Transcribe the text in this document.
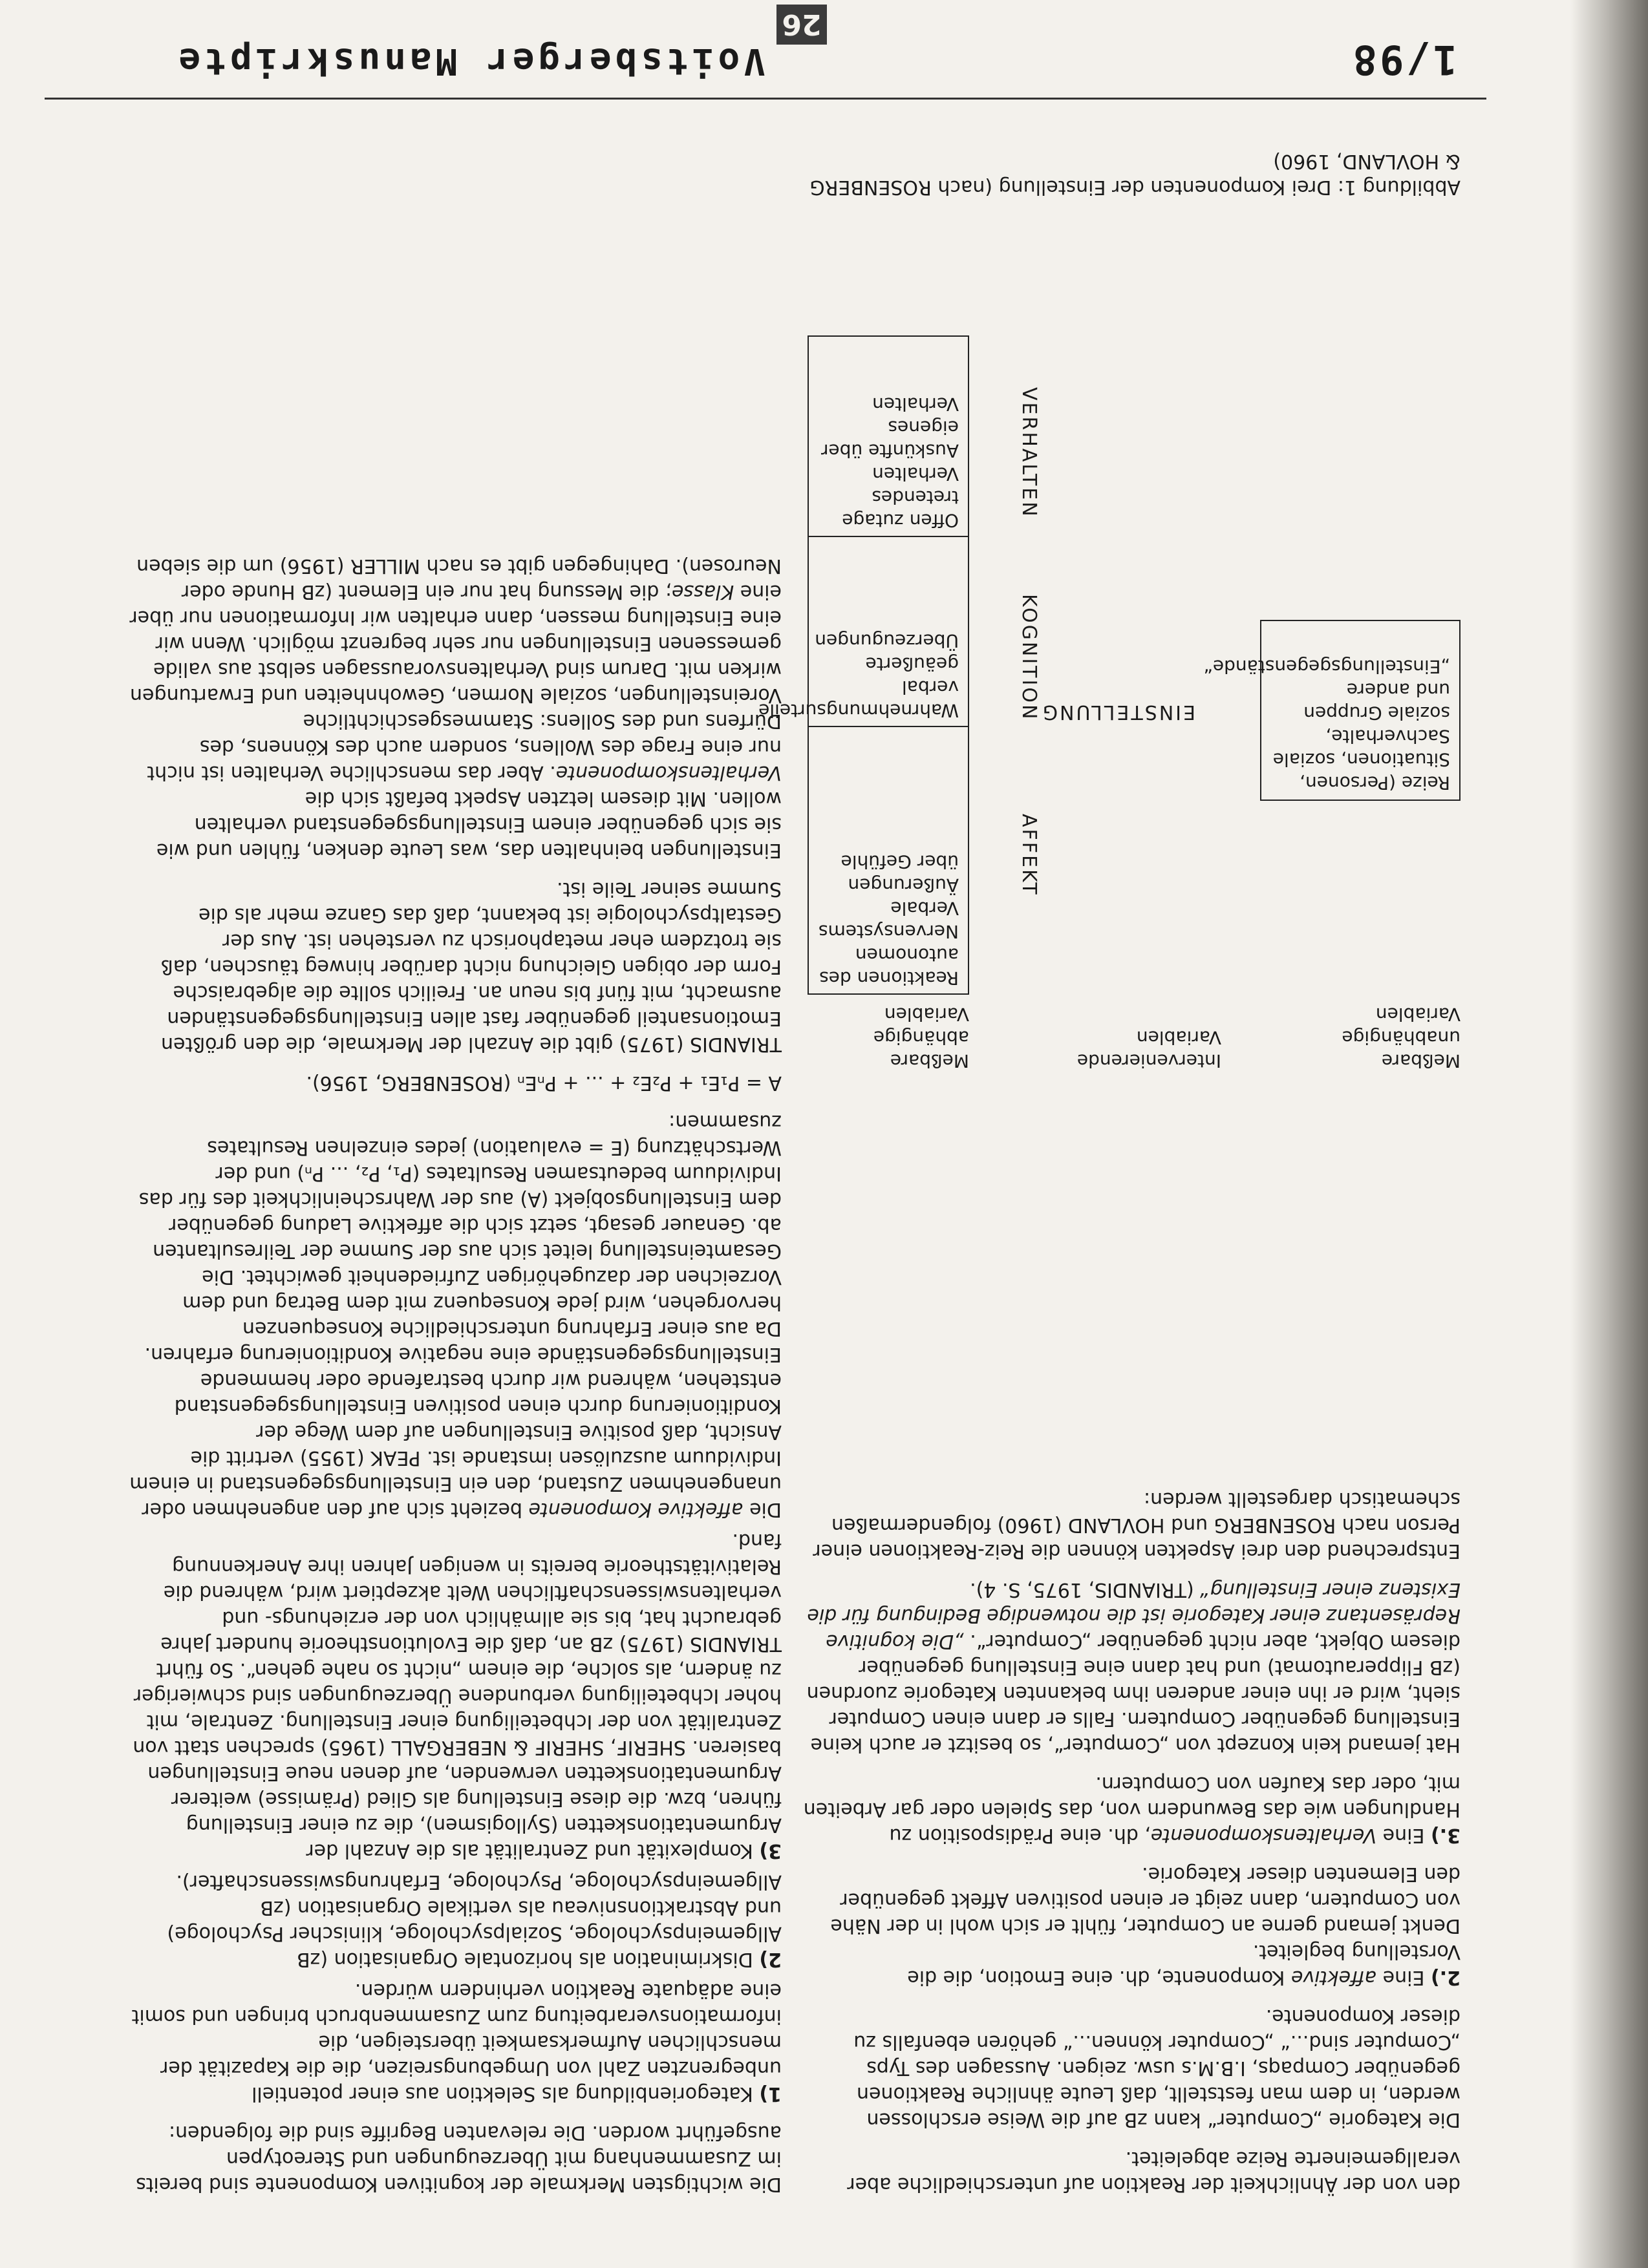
1/98
Voitsberger Manuskripte
26

Die wichtigsten Merkmale der kognitiven Komponente sind bereits im Zusammenhang mit Überzeugungen und Stereotypen ausgeführt worden. Die relevanten Begriffe sind die folgenden:

1) Kategorienbildung als Selektion aus einer potentiell unbegrenzten Zahl von Umgebungsreizen, die die Kapazität der menschlichen Aufmerksamkeit übersteigen, die informationsverarbeitung zum Zusammenbruch bringen und somit eine adäquate Reaktion verhindern würden.
2) Diskrimination als horizontale Organisation (zB Allgemeinpsychologe, Sozialpsychologe, klinischer Psychologe) und Abstraktionsniveau als vertikale Organisation (zB Allgemeinpsychologe, Psychologe, Erfahrungswissenschafter).
3) Komplexität und Zentralität als die Anzahl der Argumentationsketten (Syllogismen), die zu einer Einstellung führen, bzw. die diese Einstellung als Glied (Prämisse) weiterer Argumentationsketten verwenden, auf denen neue Einstellungen basieren. SHERIF, SHERIF & NEBERGALL (1965) sprechen statt von Zentralität von der Ichbeteiligung einer Einstellung. Zentrale, mit hoher Ichbeteiligung verbundene Überzeugungen sind schwieriger zu ändern, als solche, die einem „nicht so nahe gehen“. So führt TRIANDIS (1975) zB an, daß die Evolutionstheorie hundert Jahre gebraucht hat, bis sie allmählich von der erziehungs- und verhaltenswissenschaftlichen Welt akzeptiert wird, während die Relativitätstheorie bereits in wenigen Jahren ihre Anerkennung fand.

Die affektive Komponente bezieht sich auf den angenehmen oder unangenehmen Zustand, den ein Einstellungsgegenstand in einem Individuum auszulösen imstande ist. PEAK (1955) vertritt die Ansicht, daß positive Einstellungen auf dem Wege der Konditionierung durch einen positiven Einstellungsgegenstand entstehen, während wir durch bestrafende oder hemmende Einstellungsgegenstände eine negative Konditionierung erfahren. Da aus einer Erfahrung unterschiedliche Konsequenzen hervorgehen, wird jede Konsequenz mit dem Betrag und dem Vorzeichen der dazugehörigen Zufriedenheit gewichtet. Die Gesamteinstellung leitet sich aus der Summe der Teilresultanten ab. Genauer gesagt, setzt sich die affektive Ladung gegenüber dem Einstellungsobjekt (A) aus der Wahrscheinlichkeit des für das Individuum bedeutsamen Resultates (P₁, P₂, ... Pₙ) und der Wertschätzung (E = evaluation) jedes einzelnen Resultates zusammen:

A = P₁E₁ + P₂E₂ + ... + PₙEₙ (ROSENBERG, 1956).

TRIANDIS (1975) gibt die Anzahl der Merkmale, die den größten Emotionsanteil gegenüber fast allen Einstellungsgegenständen ausmacht, mit fünf bis neun an. Freilich sollte die algebraische Form der obigen Gleichung nicht darüber hinweg täuschen, daß sie trotzdem eher metaphorisch zu verstehen ist. Aus der Gestaltpsychologie ist bekannt, daß das Ganze mehr als die Summe seiner Teile ist.

Einstellungen beinhalten das, was Leute denken, fühlen und wie sie sich gegenüber einem Einstellungsgegenstand verhalten wollen. Mit diesem letzten Aspekt befaßt sich die Verhaltenskomponente. Aber das menschliche Verhalten ist nicht nur eine Frage des Wollens, sondern auch des Könnens, des Dürfens und des Sollens: Stammesgeschichtliche Voreinstellungen, soziale Normen, Gewohnheiten und Erwartungen wirken mit. Darum sind Verhaltensvoraussagen selbst aus valide gemessenen Einstellungen nur sehr begrenzt möglich. Wenn wir eine Einstellung messen, dann erhalten wir Informationen nur über eine Klasse; die Messung hat nur ein Element (zB Hunde oder Neurosen). Dahingegen gibt es nach MILLER (1956) um die sieben

den von der Ähnlichkeit der Reaktion auf unterschiedliche aber verallgemeinerte Reize abgeleitet.

Die Kategorie „Computer“ kann zB auf die Weise erschlossen werden, in dem man feststellt, daß Leute ähnliche Reaktionen gegenüber Compaqs, I.B.M.s usw. zeigen. Aussagen des Typs „Computer sind...“ „Computer können...“ gehören ebenfalls zu dieser Komponente.

2.) Eine affektive Komponente, dh. eine Emotion, die die Vorstellung begleitet.
Denkt jemand gerne an Computer, fühlt er sich wohl in der Nähe von Computern, dann zeigt er einen positiven Affekt gegenüber den Elementen dieser Kategorie.

3.) Eine Verhaltenskomponente, dh. eine Prädisposition zu Handlungen wie das Bewundern von, das Spielen oder gar Arbeiten mit, oder das Kaufen von Computern.

Hat jemand kein Konzept von „Computer“, so besitzt er auch keine Einstellung gegenüber Computern. Falls er dann einen Computer sieht, wird er ihn einer anderen ihm bekannten Kategorie zuordnen (zB Flipperautomat) und hat dann eine Einstellung gegenüber diesem Objekt, aber nicht gegenüber „Computer“. „Die kognitive Repräsentanz einer Kategorie ist die notwendige Bedingung für die Existenz einer Einstellung“ (TRIANDIS, 1975, S. 4).

Entsprechend den drei Aspekten können die Reiz-Reaktionen einer Person nach ROSENBERG und HOVLAND (1960) folgendermaßen schematisch dargestellt werden:

Meßbare unabhängige Variablen
Intervenierende Variablen
Meßbare abhängige Variablen
Reize (Personen, Situationen, soziale Sachverhalte, soziale Gruppen und andere „Einstellungsgegenstände“
EINSTELLUNG
AFFEKT
KOGNITION
VERHALTEN
Reaktionen des autonomen Nervensystems Verbale Äußerungen über Gefühle
Wahrnehmungsurteile verbal geäußerte Überzeugungen
Offen zutage tretendes Verhalten Auskünfte über eigenes Verhalten
Abbildung 1: Drei Komponenten der Einstellung (nach ROSENBERG & HOVLAND, 1960)
